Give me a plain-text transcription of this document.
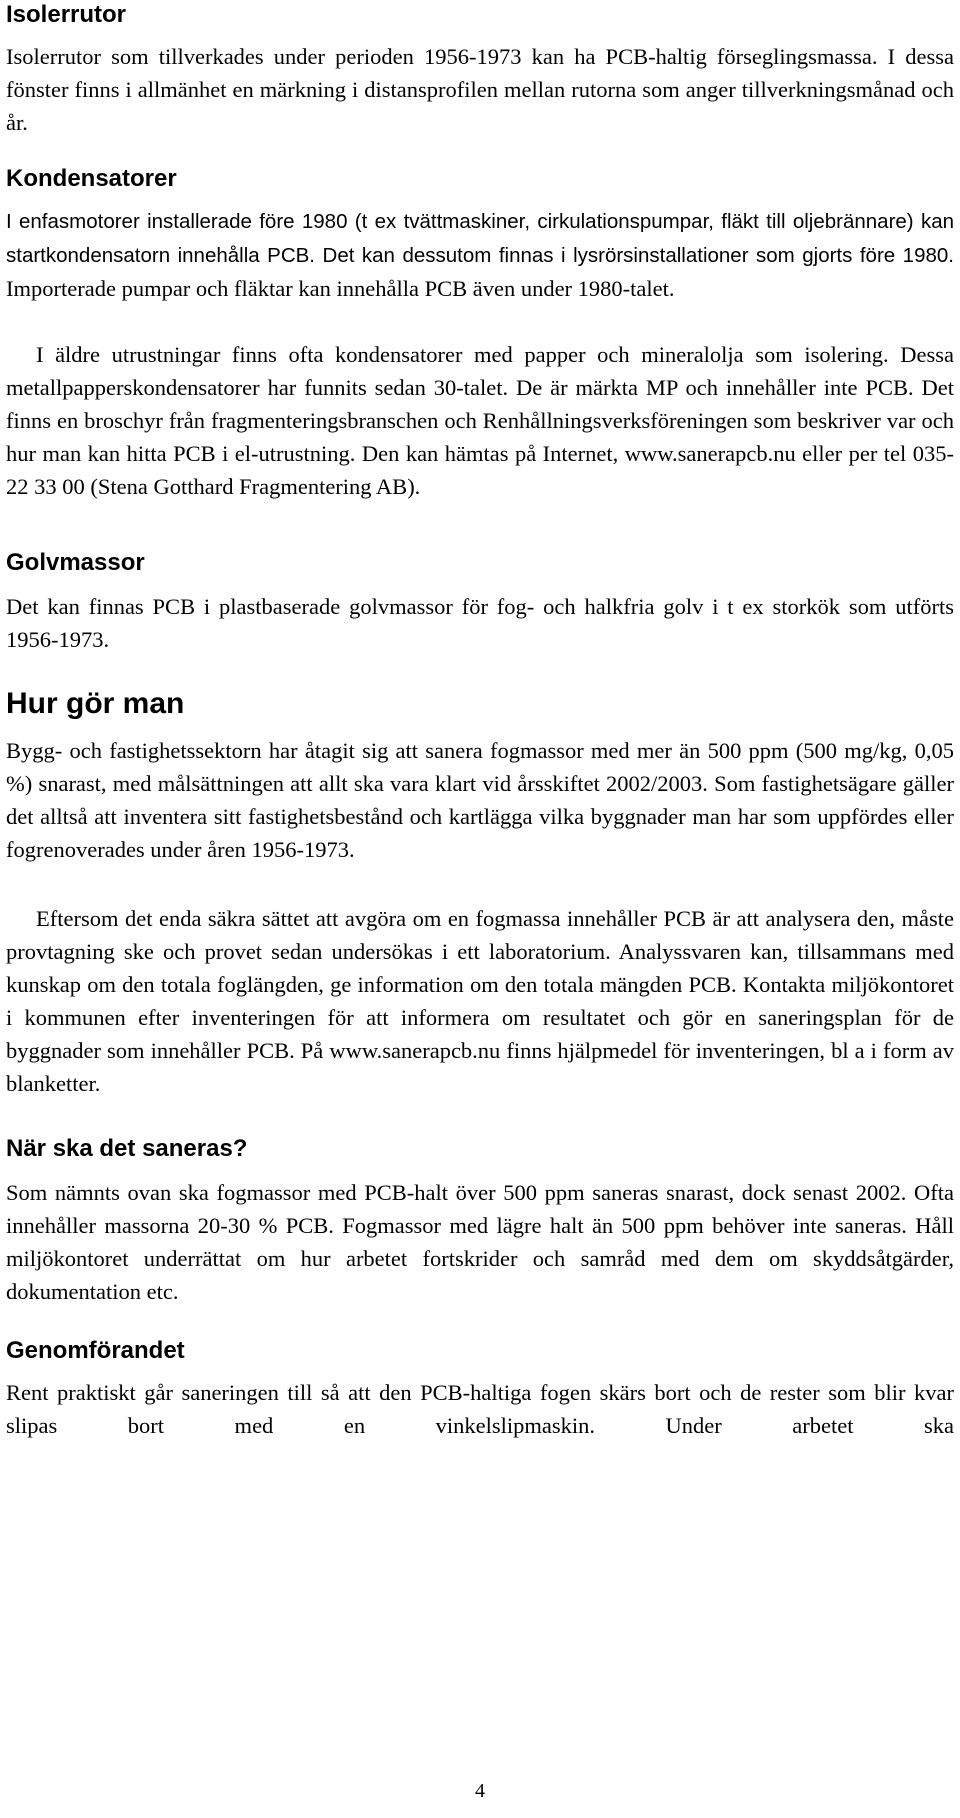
Isolerrutor

Isolerrutor som tillverkades under perioden 1956-1973 kan ha PCB-haltig förseglingsmassa. I dessa fönster finns i allmänhet en märkning i distansprofilen mellan rutorna som anger tillverkningsmånad och år.

Kondensatorer

I enfasmotorer installerade före 1980 (t ex tvättmaskiner, cirkulationspumpar, fläkt till oljebrännare) kan startkondensatorn innehålla PCB. Det kan dessutom finnas i lysrörsinstallationer som gjorts före 1980. Importerade pumpar och fläktar kan innehålla PCB även under 1980-talet.

I äldre utrustningar finns ofta kondensatorer med papper och mineralolja som isolering. Dessa metallpapperskondensatorer har funnits sedan 30-talet. De är märkta MP och innehåller inte PCB. Det finns en broschyr från fragmenteringsbranschen och Renhållningsverksföreningen som beskriver var och hur man kan hitta PCB i el-utrustning. Den kan hämtas på Internet, www.sanerapcb.nu eller per tel 035-22 33 00 (Stena Gotthard Fragmentering AB).

Golvmassor

Det kan finnas PCB i plastbaserade golvmassor för fog- och halkfria golv i t ex storkök som utförts 1956-1973.

Hur gör man

Bygg- och fastighetssektorn har åtagit sig att sanera fogmassor med mer än 500 ppm (500 mg/kg, 0,05 %) snarast, med målsättningen att allt ska vara klart vid årsskiftet 2002/2003. Som fastighetsägare gäller det alltså att inventera sitt fastighetsbestånd och kartlägga vilka byggnader man har som uppfördes eller fogrenoverades under åren 1956-1973.

Eftersom det enda säkra sättet att avgöra om en fogmassa innehåller PCB är att analysera den, måste provtagning ske och provet sedan undersökas i ett laboratorium. Analyssvaren kan, tillsammans med kunskap om den totala foglängden, ge information om den totala mängden PCB. Kontakta miljökontoret i kommunen efter inventeringen för att informera om resultatet och gör en saneringsplan för de byggnader som innehåller PCB. På www.sanerapcb.nu finns hjälpmedel för inventeringen, bl a i form av blanketter.

När ska det saneras?

Som nämnts ovan ska fogmassor med PCB-halt över 500 ppm saneras snarast, dock senast 2002. Ofta innehåller massorna 20-30 % PCB. Fogmassor med lägre halt än 500 ppm behöver inte saneras. Håll miljökontoret underrättat om hur arbetet fortskrider och samråd med dem om skyddsåtgärder, dokumentation etc.

Genomförandet

Rent praktiskt går saneringen till så att den PCB-haltiga fogen skärs bort och de rester som blir kvar slipas bort med en vinkelslipmaskin. Under arbetet ska

4
